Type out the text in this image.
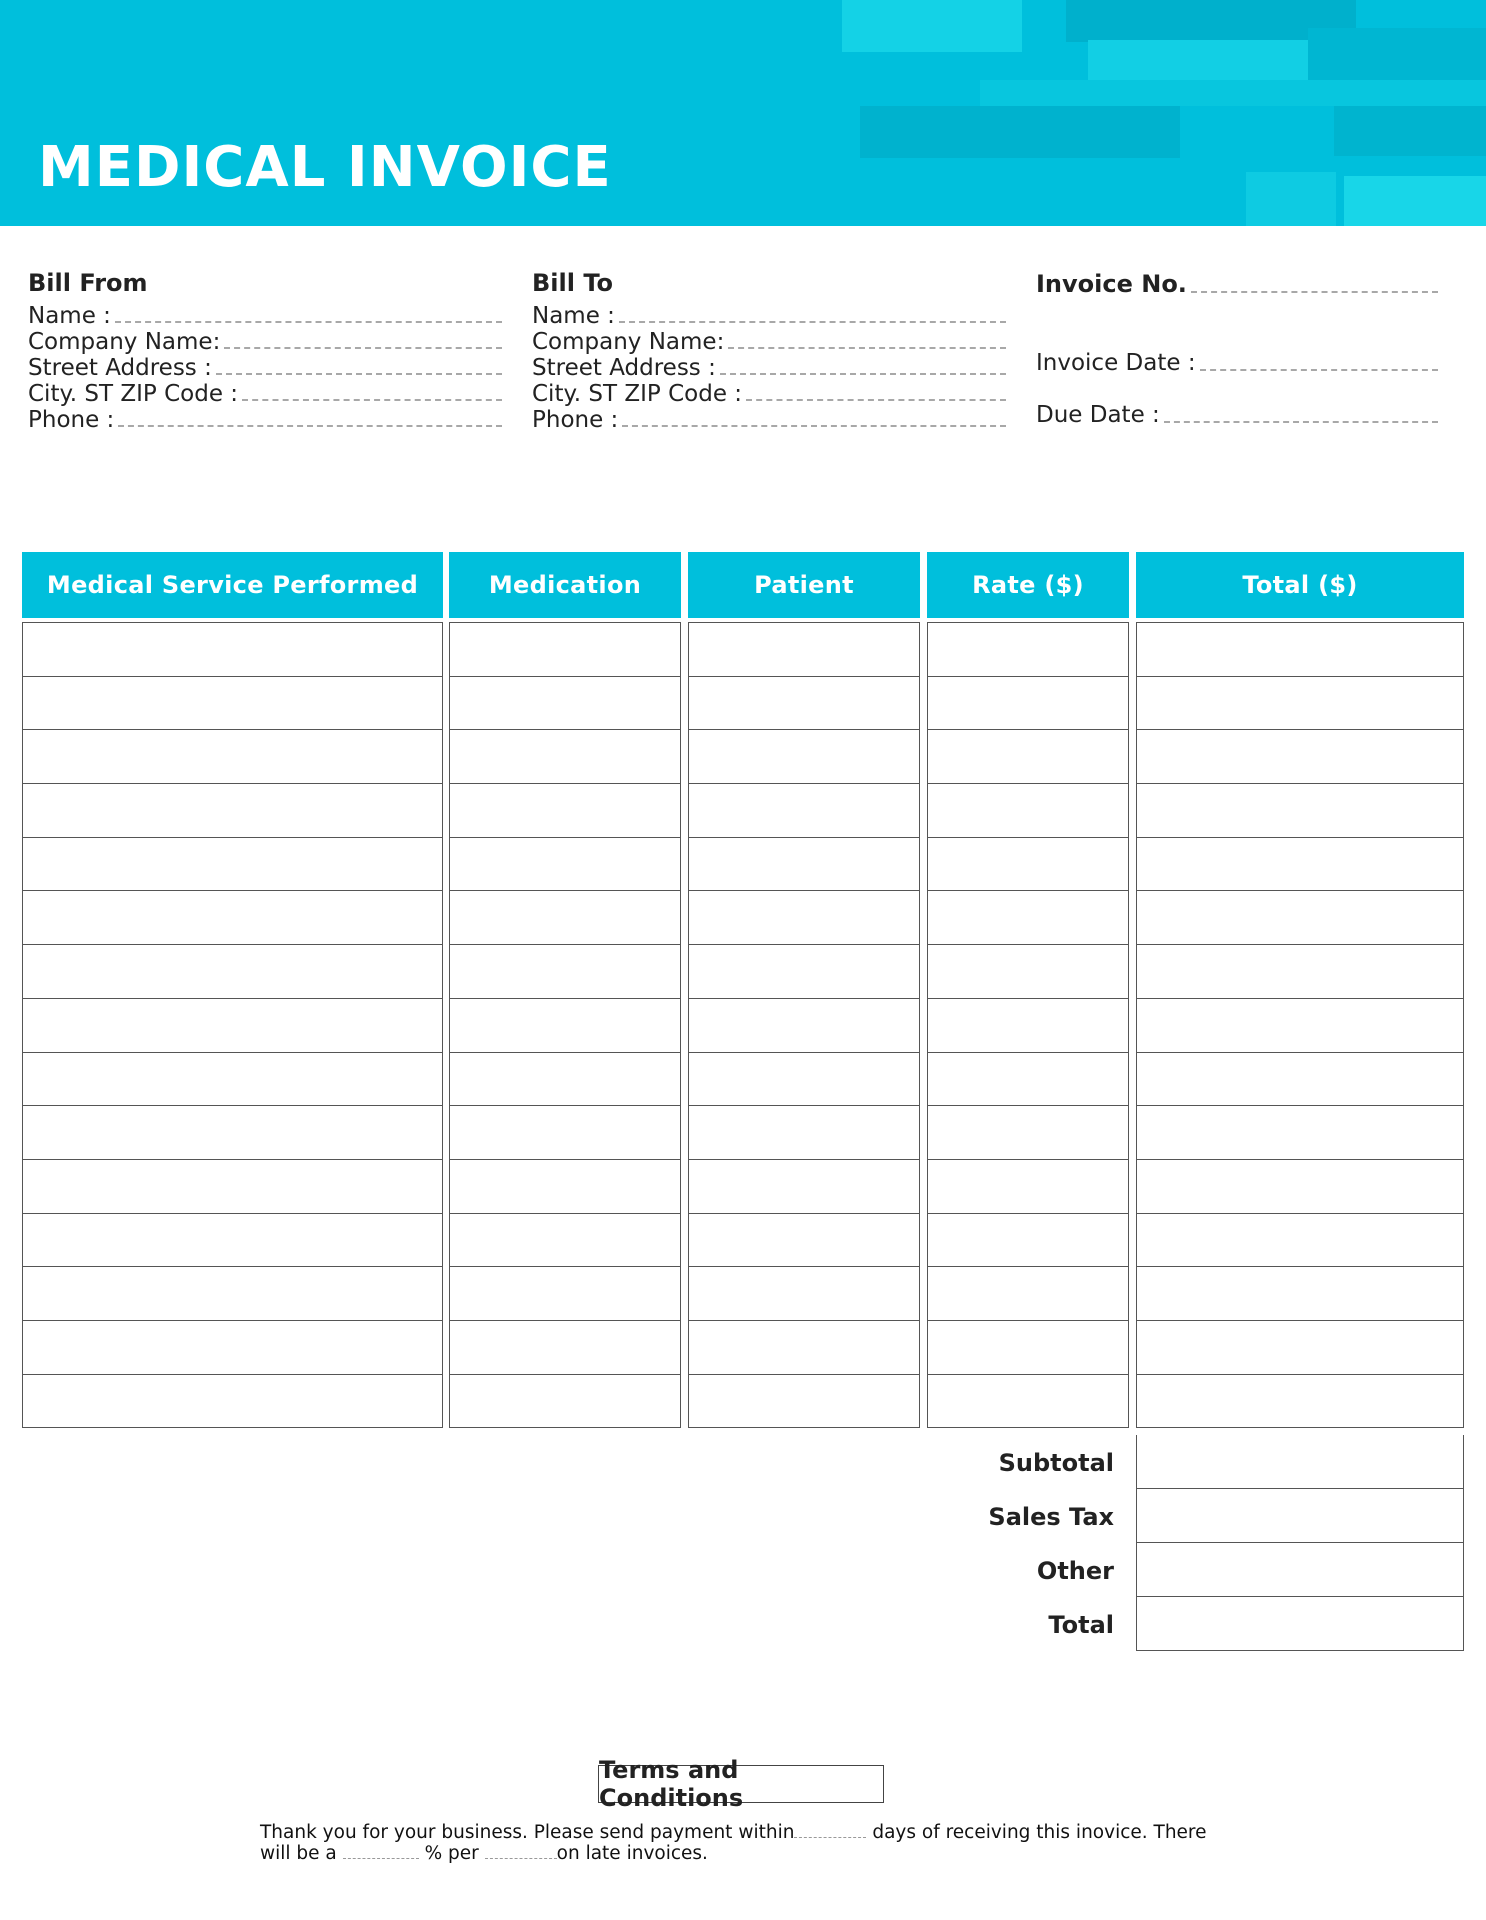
MEDICAL INVOICE
Bill From
Name :
Company Name:
Street Address :
City. ST ZIP Code :
Phone :
Bill To
Name :
Company Name:
Street Address :
City. ST ZIP Code :
Phone :
Invoice No.
Invoice Date :
Due Date :
Medical Service Performed	Medication	Patient	Rate ($)	Total ($)
Subtotal
Sales Tax
Other
Total
Terms and Conditions
Thank you for your business. Please send payment within	days of receiving this inovice. There
will be a	% per	on late invoices.
